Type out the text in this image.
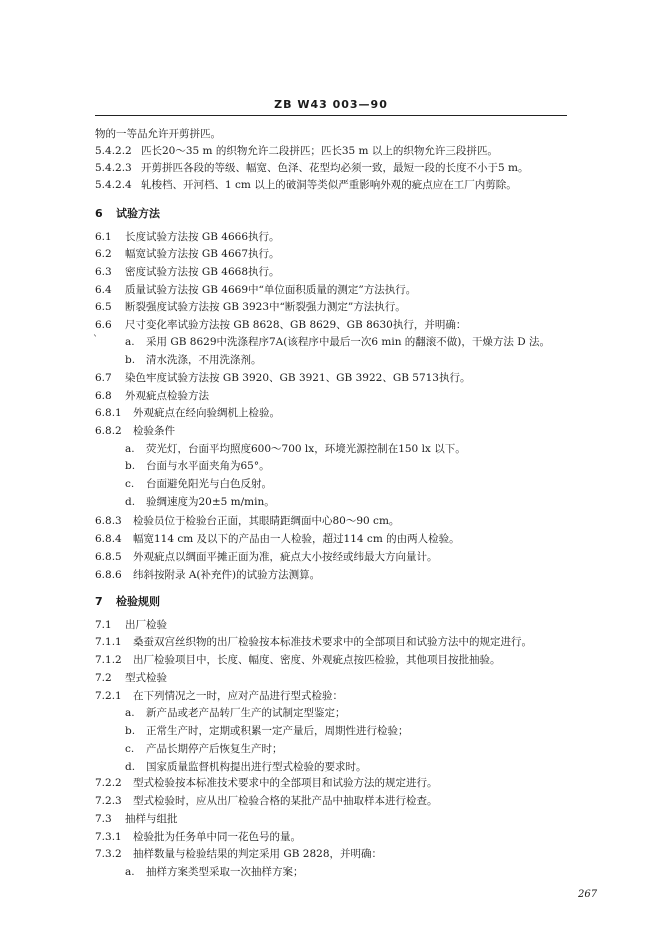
ZB W43 003—90
物的一等品允许开剪拼匹。
5.4.2.2 匹长20～35 m 的织物允许二段拼匹；匹长35 m 以上的织物允许三段拼匹。
5.4.2.3 开剪拼匹各段的等级、幅宽、色泽、花型均必须一致，最短一段的长度不小于5 m。
5.4.2.4 轧梭档、开河档、1 cm 以上的破洞等类似严重影响外观的疵点应在工厂内剪除。
6 试验方法
6.1 长度试验方法按 GB 4666执行。
6.2 幅宽试验方法按 GB 4667执行。
6.3 密度试验方法按 GB 4668执行。
6.4 质量试验方法按 GB 4669中“单位面积质量的测定”方法执行。
6.5 断裂强度试验方法按 GB 3923中“断裂强力测定”方法执行。
6.6 尺寸变化率试验方法按 GB 8628、GB 8629、GB 8630执行，并明确：
a. 采用 GB 8629中洗涤程序7A(该程序中最后一次6 min 的翻滚不做)，干燥方法 D 法。
b. 清水洗涤，不用洗涤剂。
6.7 染色牢度试验方法按 GB 3920、GB 3921、GB 3922、GB 5713执行。
6.8 外观疵点检验方法
6.8.1 外观疵点在经向验绸机上检验。
6.8.2 检验条件
a. 荧光灯，台面平均照度600～700 lx，环境光源控制在150 lx 以下。
b. 台面与水平面夹角为65°。
c. 台面避免阳光与白色反射。
d. 验绸速度为20±5 m/min。
6.8.3 检验员位于检验台正面，其眼睛距绸面中心80～90 cm。
6.8.4 幅宽114 cm 及以下的产品由一人检验，超过114 cm 的由两人检验。
6.8.5 外观疵点以绸面平摊正面为准，疵点大小按经或纬最大方向量计。
6.8.6 纬斜按附录 A(补充件)的试验方法测算。
7 检验规则
7.1 出厂检验
7.1.1 桑蚕双宫丝织物的出厂检验按本标准技术要求中的全部项目和试验方法中的规定进行。
7.1.2 出厂检验项目中，长度、幅度、密度、外观疵点按匹检验，其他项目按批抽验。
7.2 型式检验
7.2.1 在下列情况之一时，应对产品进行型式检验：
a. 新产品或老产品转厂生产的试制定型鉴定；
b. 正常生产时，定期或积累一定产量后，周期性进行检验；
c. 产品长期停产后恢复生产时；
d. 国家质量监督机构提出进行型式检验的要求时。
7.2.2 型式检验按本标准技术要求中的全部项目和试验方法的规定进行。
7.2.3 型式检验时，应从出厂检验合格的某批产品中抽取样本进行检查。
7.3 抽样与组批
7.3.1 检验批为任务单中同一花色号的量。
7.3.2 抽样数量与检验结果的判定采用 GB 2828，并明确：
a. 抽样方案类型采取一次抽样方案；
ˋ
267
